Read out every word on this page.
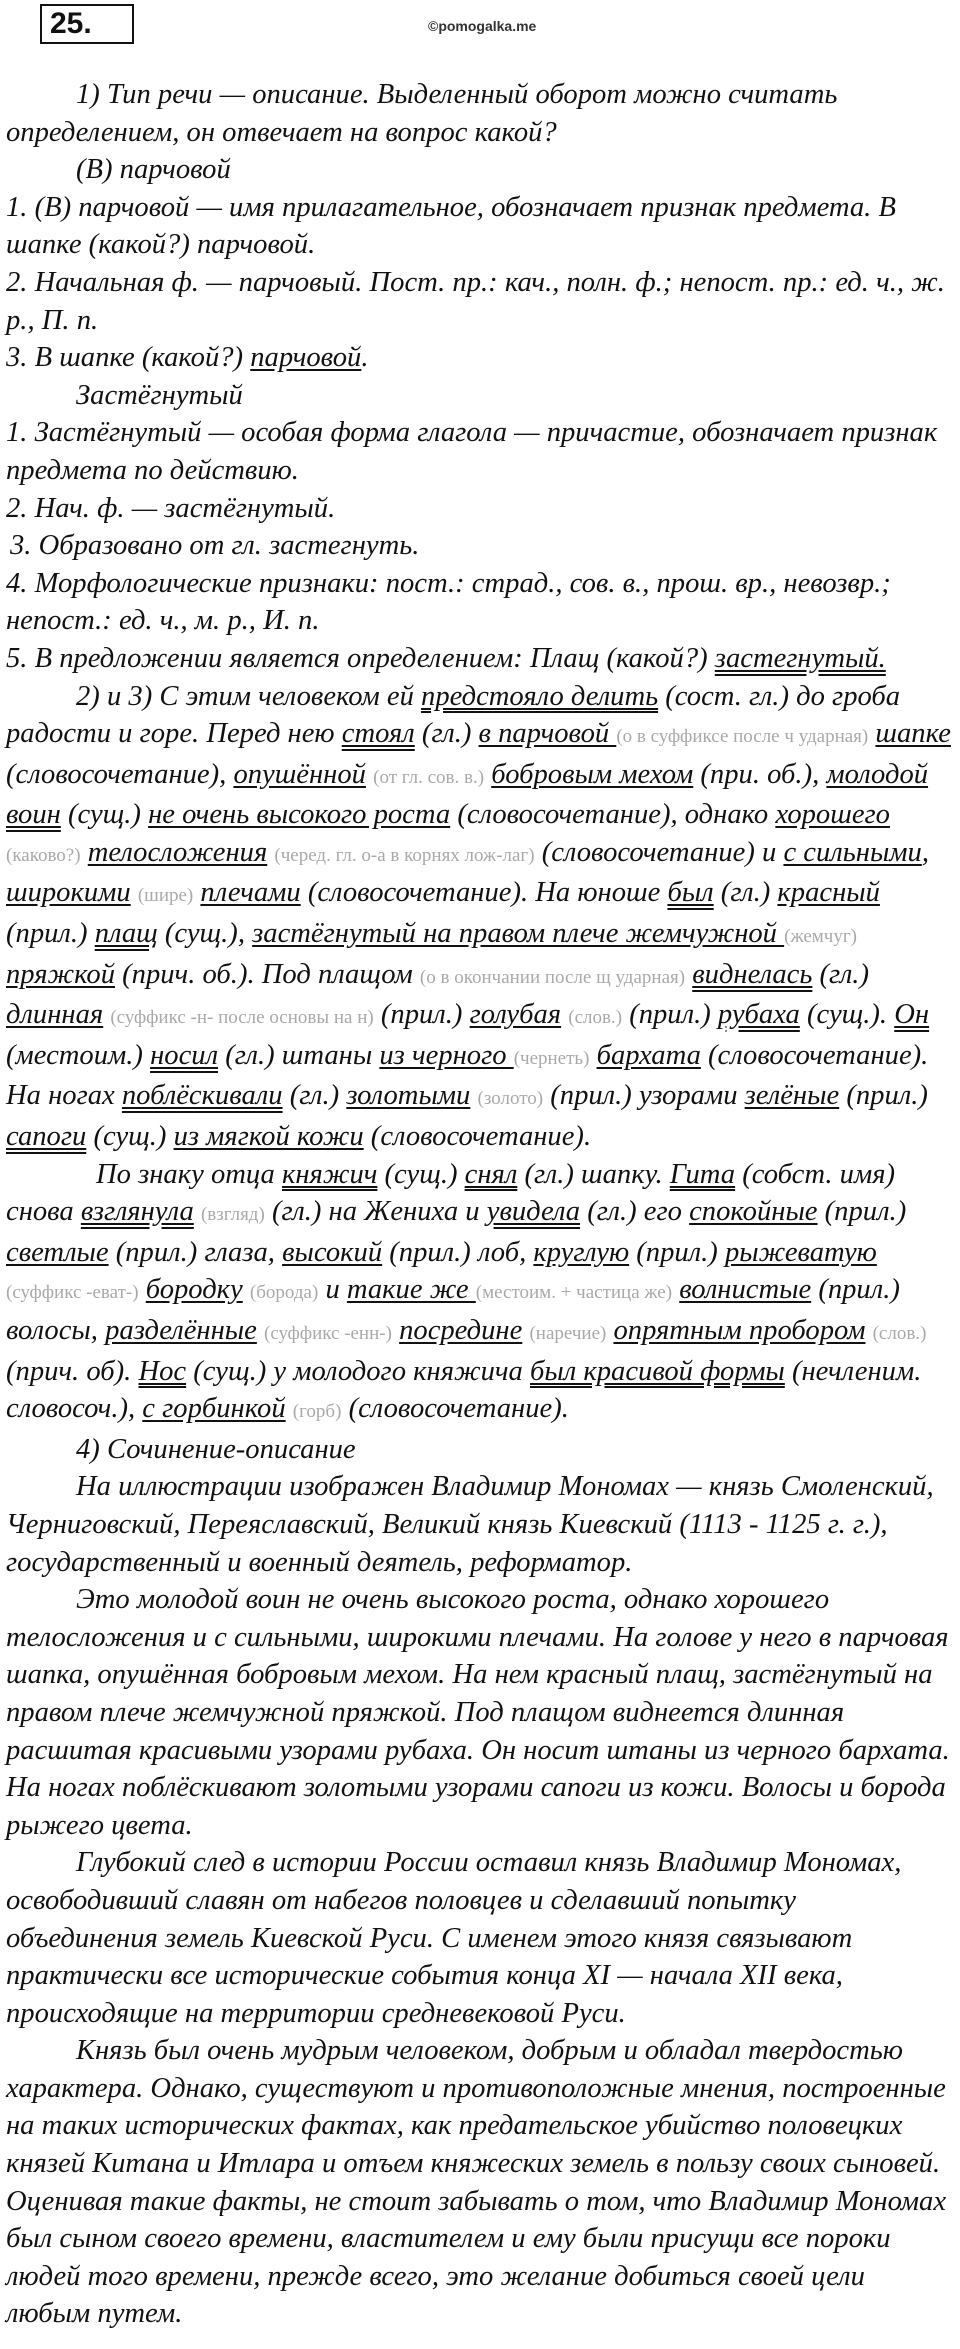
25.	©pomogalka.me

1) Тип речи — описание. Выделенный оборот можно считать определением, он отвечает на вопрос какой?

(В) парчовой

1. (В) парчовой — имя прилагательное, обозначает признак предмета. В шапке (какой?) парчовой.

2. Начальная ф. — парчовый. Пост. пр.: кач., полн. ф.; непост. пр.: ед. ч., ж. р., П. п.

3. В шапке (какой?) парчовой.

Застёгнутый

1. Застёгнутый — особая форма глагола — причастие, обозначает признак предмета по действию.

2. Нач. ф. — застёгнутый.

3. Образовано от гл. застегнуть.

4. Морфологические признаки: пост.: страд., сов. в., прош. вр., невозвр.; непост.: ед. ч., м. р., И. п.

5. В предложении является определением: Плащ (какой?) застегнутый.

2) и 3) С этим человеком ей предстояло делить (сост. гл.) до гроба радости и горе. Перед нею стоял (гл.) в парчовой (о в суффиксе после ч ударная) шапке (словосочетание), опушённой (от гл. сов. в.) бобровым мехом (при. об.), молодой воин (сущ.) не очень высокого роста (словосочетание), однако хорошего (каково?) телосложения (черед. гл. о-а в корнях лож-лаг) (словосочетание) и с сильными, широкими (шире) плечами (словосочетание). На юноше был (гл.) красный (прил.) плащ (сущ.), застёгнутый на правом плече жемчужной (жемчуг) пряжкой (прич. об.). Под плащом (о в окончании после щ ударная) виднелась (гл.) длинная (суффикс -н- после основы на н) (прил.) голубая (слов.) (прил.) рубаха (сущ.). Он (местоим.) носил (гл.) штаны из черного (чернеть) бархата (словосочетание). На ногах поблёскивали (гл.) золотыми (золото) (прил.) узорами зелёные (прил.) сапоги (сущ.) из мягкой кожи (словосочетание).

По знаку отца княжич (сущ.) снял (гл.) шапку. Гита (собст. имя) снова взглянула (взгляд) (гл.) на Жениха и увидела (гл.) его спокойные (прил.) светлые (прил.) глаза, высокий (прил.) лоб, круглую (прил.) рыжеватую (суффикс -еват-) бородку (борода) и такие же (местоим. + частица же) волнистые (прил.) волосы, разделённые (суффикс -енн-) посредине (наречие) опрятным пробором (слов.) (прич. об). Нос (сущ.) у молодого княжича был красивой формы (нечленим. словосоч.), с горбинкой (горб) (словосочетание).

4) Сочинение-описание

На иллюстрации изображен Владимир Мономах — князь Смоленский, Черниговский, Переяславский, Великий князь Киевский (1113 - 1125 г. г.), государственный и военный деятель, реформатор.

Это молодой воин не очень высокого роста, однако хорошего телосложения и с сильными, широкими плечами. На голове у него в парчовая шапка, опушённая бобровым мехом. На нем красный плащ, застёгнутый на правом плече жемчужной пряжкой. Под плащом виднеется длинная расшитая красивыми узорами рубаха. Он носит штаны из черного бархата. На ногах поблёскивают золотыми узорами сапоги из кожи. Волосы и борода рыжего цвета.

Глубокий след в истории России оставил князь Владимир Мономах, освободивший славян от набегов половцев и сделавший попытку объединения земель Киевской Руси. С именем этого князя связывают практически все исторические события конца XI — начала XII века, происходящие на территории средневековой Руси.

Князь был очень мудрым человеком, добрым и обладал твердостью характера. Однако, существуют и противоположные мнения, построенные на таких исторических фактах, как предательское убийство половецких князей Китана и Итлара и отъем княжеских земель в пользу своих сыновей. Оценивая такие факты, не стоит забывать о том, что Владимир Мономах был сыном своего времени, властителем и ему были присущи все пороки людей того времени, прежде всего, это желание добиться своей цели любым путем.
